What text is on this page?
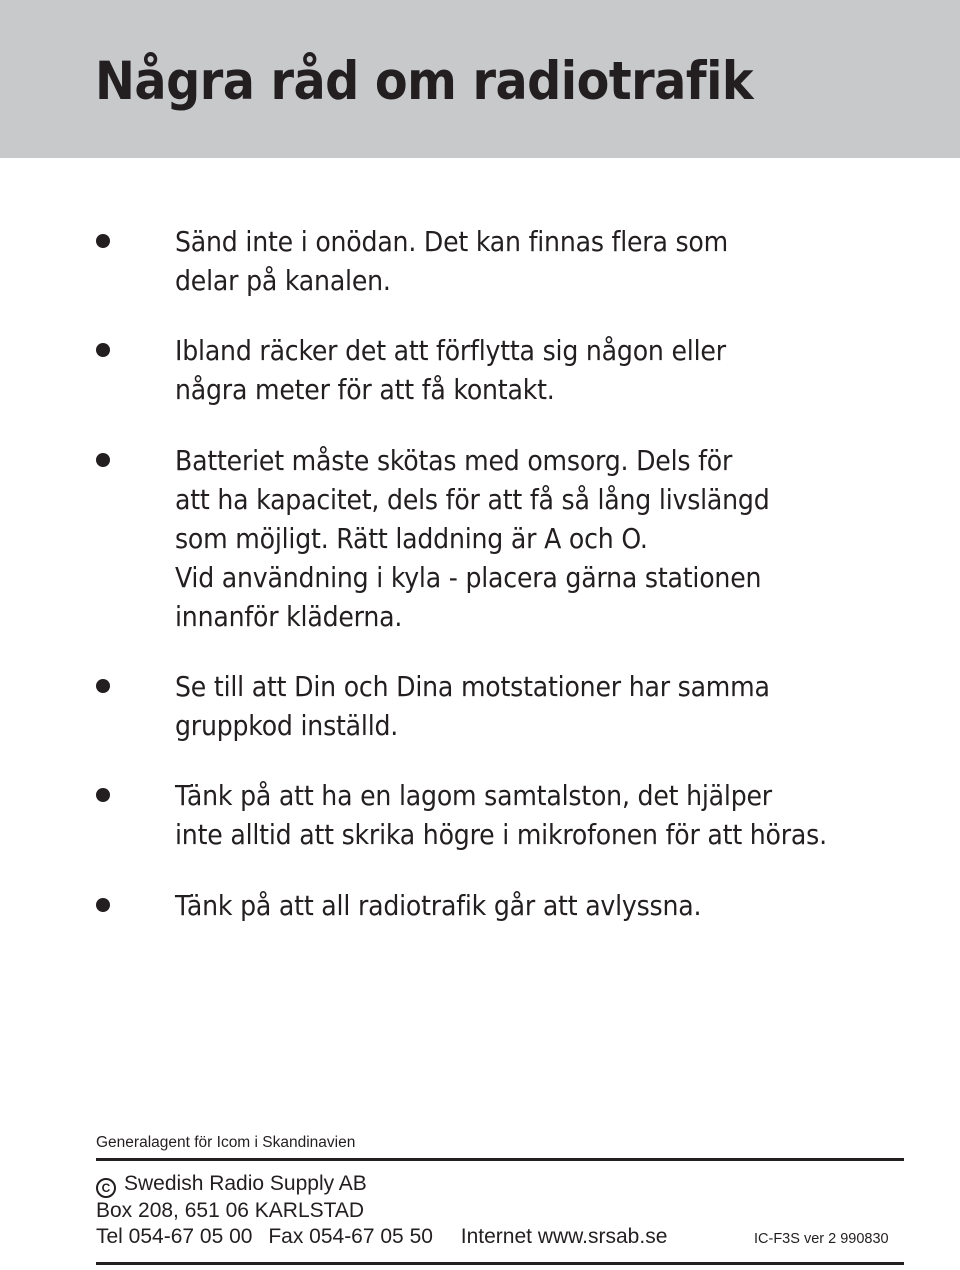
Några råd om radiotrafik

Sänd inte i onödan. Det kan finnas flera som
delar på kanalen.

Ibland räcker det att förflytta sig någon eller
några meter för att få kontakt.

Batteriet måste skötas med omsorg. Dels för
att ha kapacitet, dels för att få så lång livslängd
som möjligt. Rätt laddning är A och O.
Vid användning i kyla - placera gärna stationen
innanför kläderna.

Se till att Din och Dina motstationer har samma
gruppkod inställd.

Tänk på att ha en lagom samtalston, det hjälper
inte alltid att skrika högre i mikrofonen för att höras.

Tänk på att all radiotrafik går att avlyssna.

Generalagent för Icom i Skandinavien
C Swedish Radio Supply AB
Box 208, 651 06 KARLSTAD
Tel 054-67 05 00 Fax 054-67 05 50 Internet www.srsab.se	IC-F3S ver 2 990830
